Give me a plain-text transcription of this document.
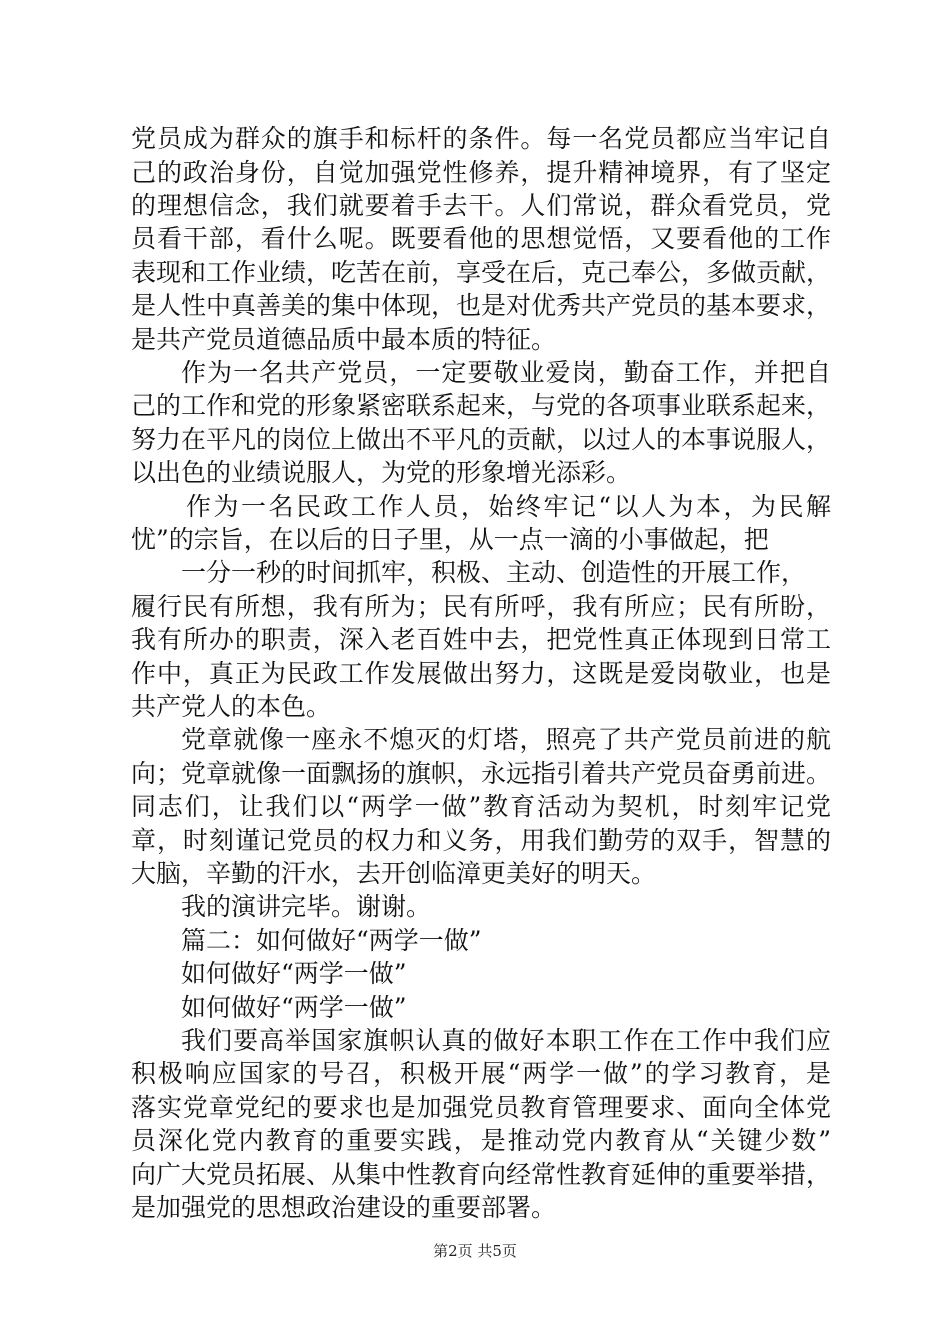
党员成为群众的旗手和标杆的条件。每一名党员都应当牢记自
己的政治身份，自觉加强党性修养，提升精神境界，有了坚定
的理想信念，我们就要着手去干。人们常说，群众看党员，党
员看干部，看什么呢。既要看他的思想觉悟，又要看他的工作
表现和工作业绩，吃苦在前，享受在后，克己奉公，多做贡献，
是人性中真善美的集中体现，也是对优秀共产党员的基本要求，
是共产党员道德品质中最本质的特征。
作为一名共产党员，一定要敬业爱岗，勤奋工作，并把自
己的工作和党的形象紧密联系起来，与党的各项事业联系起来，
努力在平凡的岗位上做出不平凡的贡献，以过人的本事说服人，
以出色的业绩说服人，为党的形象增光添彩。
作为一名民政工作人员，始终牢记“以人为本，为民解
忧”的宗旨，在以后的日子里，从一点一滴的小事做起，把
一分一秒的时间抓牢，积极、主动、创造性的开展工作，
履行民有所想，我有所为；民有所呼，我有所应；民有所盼，
我有所办的职责，深入老百姓中去，把党性真正体现到日常工
作中，真正为民政工作发展做出努力，这既是爱岗敬业，也是
共产党人的本色。
党章就像一座永不熄灭的灯塔，照亮了共产党员前进的航
向；党章就像一面飘扬的旗帜，永远指引着共产党员奋勇前进。
同志们，让我们以“两学一做”教育活动为契机，时刻牢记党
章，时刻谨记党员的权力和义务，用我们勤劳的双手，智慧的
大脑，辛勤的汗水，去开创临漳更美好的明天。
我的演讲完毕。谢谢。
篇二：如何做好“两学一做”
如何做好“两学一做”
如何做好“两学一做”
我们要高举国家旗帜认真的做好本职工作在工作中我们应
积极响应国家的号召，积极开展“两学一做”的学习教育，是
落实党章党纪的要求也是加强党员教育管理要求、面向全体党
员深化党内教育的重要实践，是推动党内教育从“关键少数”
向广大党员拓展、从集中性教育向经常性教育延伸的重要举措，
是加强党的思想政治建设的重要部署。
第2页 共5页
